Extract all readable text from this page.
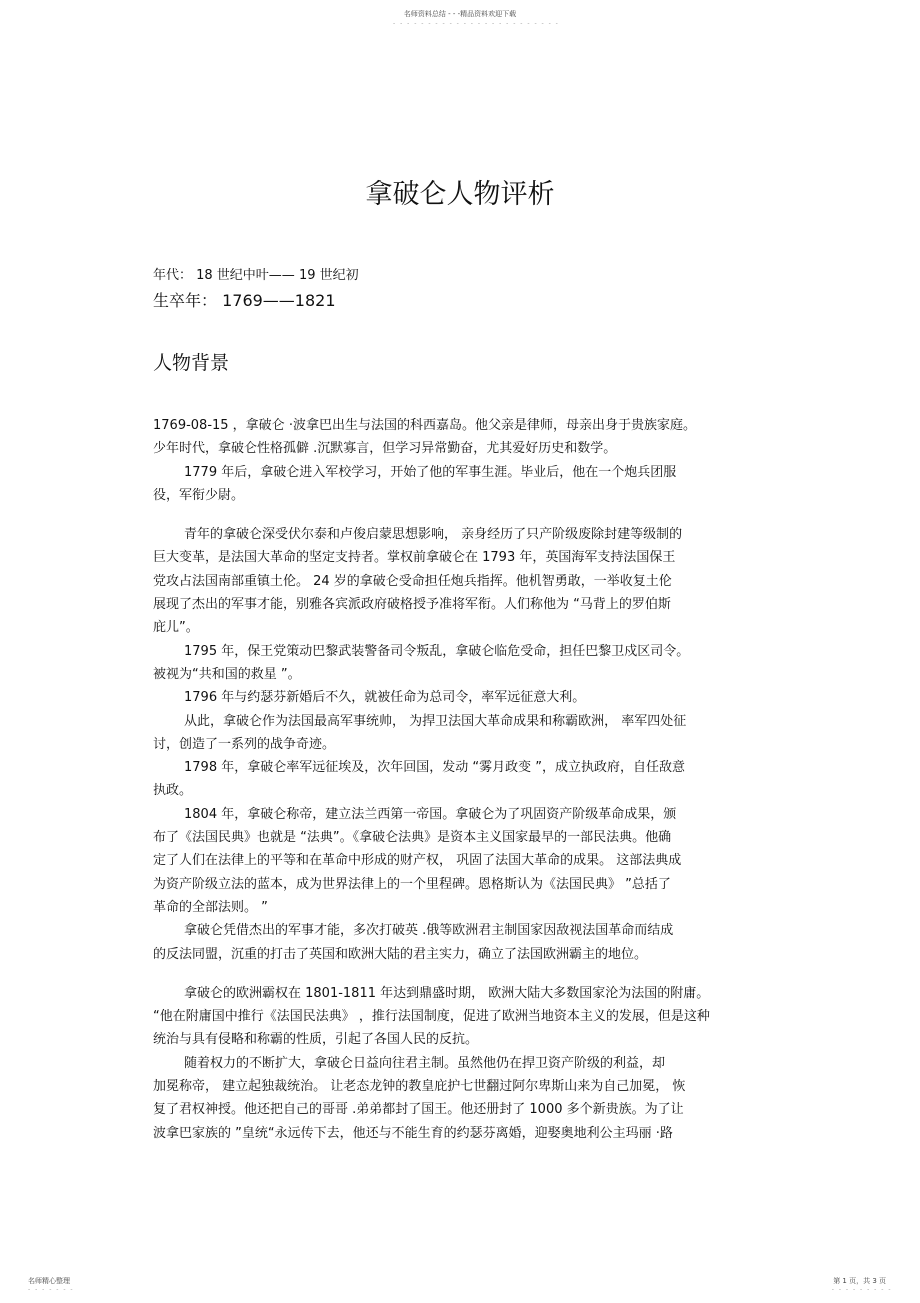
名师资料总结 - - -精品资料欢迎下载
- - - - - - - - - - - - - - - - - - - - - - - -
拿破仑人物评析
年代： 18 世纪中叶—— 19 世纪初
生卒年： 1769——1821
人物背景
1769-08-15 ，拿破仑 ·波拿巴出生与法国的科西嘉岛。他父亲是律师，母亲出身于贵族家庭。
少年时代，拿破仑性格孤僻 .沉默寡言，但学习异常勤奋，尤其爱好历史和数学。
1779 年后，拿破仑进入军校学习，开始了他的军事生涯。毕业后，他在一个炮兵团服
役，军衔少尉。
青年的拿破仑深受伏尔泰和卢俊启蒙思想影响， 亲身经历了只产阶级废除封建等级制的
巨大变革，是法国大革命的坚定支持者。掌权前拿破仑在 1793 年，英国海军支持法国保王
党攻占法国南部重镇土伦。 24 岁的拿破仑受命担任炮兵指挥。他机智勇敢，一举收复土伦
展现了杰出的军事才能，别雅各宾派政府破格授予准将军衔。人们称他为 “马背上的罗伯斯
庇儿”。
1795 年，保王党策动巴黎武装警备司令叛乱，拿破仑临危受命，担任巴黎卫戍区司令。
被视为“共和国的救星 ”。
1796 年与约瑟芬新婚后不久，就被任命为总司令，率军远征意大利。
从此，拿破仑作为法国最高军事统帅， 为捍卫法国大革命成果和称霸欧洲， 率军四处征
讨，创造了一系列的战争奇迹。
1798 年，拿破仑率军远征埃及，次年回国，发动 “雾月政变 ”，成立执政府，自任敌意
执政。
1804 年，拿破仑称帝，建立法兰西第一帝国。拿破仑为了巩固资产阶级革命成果，颁
布了《法国民典》也就是 “法典”。《拿破仑法典》是资本主义国家最早的一部民法典。他确
定了人们在法律上的平等和在革命中形成的财产权， 巩固了法国大革命的成果。 这部法典成
为资产阶级立法的蓝本，成为世界法律上的一个里程碑。恩格斯认为《法国民典》 ”总括了
革命的全部法则。 ”
拿破仑凭借杰出的军事才能，多次打破英 .俄等欧洲君主制国家因敌视法国革命而结成
的反法同盟，沉重的打击了英国和欧洲大陆的君主实力，确立了法国欧洲霸主的地位。
拿破仑的欧洲霸权在 1801-1811 年达到鼎盛时期， 欧洲大陆大多数国家沦为法国的附庸。
“他在附庸国中推行《法国民法典》 ，推行法国制度，促进了欧洲当地资本主义的发展，但是这种
统治与具有侵略和称霸的性质，引起了各国人民的反抗。
随着权力的不断扩大，拿破仑日益向往君主制。虽然他仍在捍卫资产阶级的利益，却
加冕称帝， 建立起独裁统治。 让老态龙钟的教皇庇护七世翻过阿尔卑斯山来为自己加冕， 恢
复了君权神授。他还把自己的哥哥 .弟弟都封了国王。他还册封了 1000 多个新贵族。为了让
波拿巴家族的 ”皇统“永远传下去，他还与不能生育的约瑟芬离婚，迎娶奥地利公主玛丽 ·路
名师精心整理
- - - - - - -
第 1 页，共 3 页
- - - - - - - - -
